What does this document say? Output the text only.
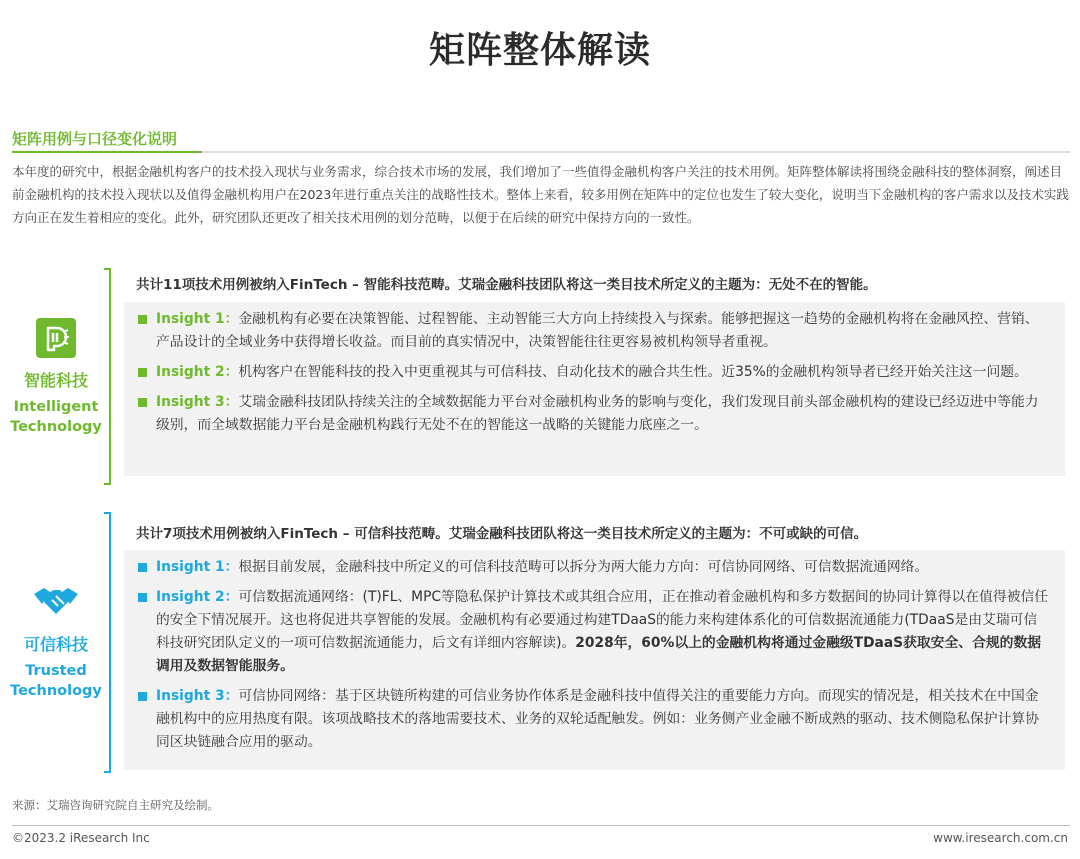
矩阵整体解读
矩阵用例与口径变化说明
本年度的研究中，根据金融机构客户的技术投入现状与业务需求，综合技术市场的发展，我们增加了一些值得金融机构客户关注的技术用例。矩阵整体解读将围绕金融科技的整体洞察，阐述目前金融机构的技术投入现状以及值得金融机构用户在2023年进行重点关注的战略性技术。整体上来看，较多用例在矩阵中的定位也发生了较大变化，说明当下金融机构的客户需求以及技术实践方向正在发生着相应的变化。此外，研究团队还更改了相关技术用例的划分范畴，以便于在后续的研究中保持方向的一致性。
智能科技
Intelligent
Technology
共计11项技术用例被纳入FinTech – 智能科技范畴。艾瑞金融科技团队将这一类目技术所定义的主题为：无处不在的智能。
Insight 1：金融机构有必要在决策智能、过程智能、主动智能三大方向上持续投入与探索。能够把握这一趋势的金融机构将在金融风控、营销、产品设计的全域业务中获得增长收益。而目前的真实情况中，决策智能往往更容易被机构领导者重视。
Insight 2：机构客户在智能科技的投入中更重视其与可信科技、自动化技术的融合共生性。近35%的金融机构领导者已经开始关注这一问题。
Insight 3：艾瑞金融科技团队持续关注的全域数据能力平台对金融机构业务的影响与变化，我们发现目前头部金融机构的建设已经迈进中等能力级别，而全域数据能力平台是金融机构践行无处不在的智能这一战略的关键能力底座之一。
可信科技
Trusted
Technology
共计7项技术用例被纳入FinTech – 可信科技范畴。艾瑞金融科技团队将这一类目技术所定义的主题为：不可或缺的可信。
Insight 1：根据目前发展，金融科技中所定义的可信科技范畴可以拆分为两大能力方向：可信协同网络、可信数据流通网络。
Insight 2：可信数据流通网络：(T)FL、MPC等隐私保护计算技术或其组合应用，正在推动着金融机构和多方数据间的协同计算得以在值得被信任的安全下情况展开。这也将促进共享智能的发展。金融机构有必要通过构建TDaaS的能力来构建体系化的可信数据流通能力(TDaaS是由艾瑞可信科技研究团队定义的一项可信数据流通能力，后文有详细内容解读)。2028年，60%以上的金融机构将通过金融级TDaaS获取安全、合规的数据调用及数据智能服务。
Insight 3：可信协同网络：基于区块链所构建的可信业务协作体系是金融科技中值得关注的重要能力方向。而现实的情况是，相关技术在中国金融机构中的应用热度有限。该项战略技术的落地需要技术、业务的双轮适配触发。例如：业务侧产业金融不断成熟的驱动、技术侧隐私保护计算协同区块链融合应用的驱动。
来源：艾瑞咨询研究院自主研究及绘制。
©2023.2 iResearch Inc	www.iresearch.com.cn
